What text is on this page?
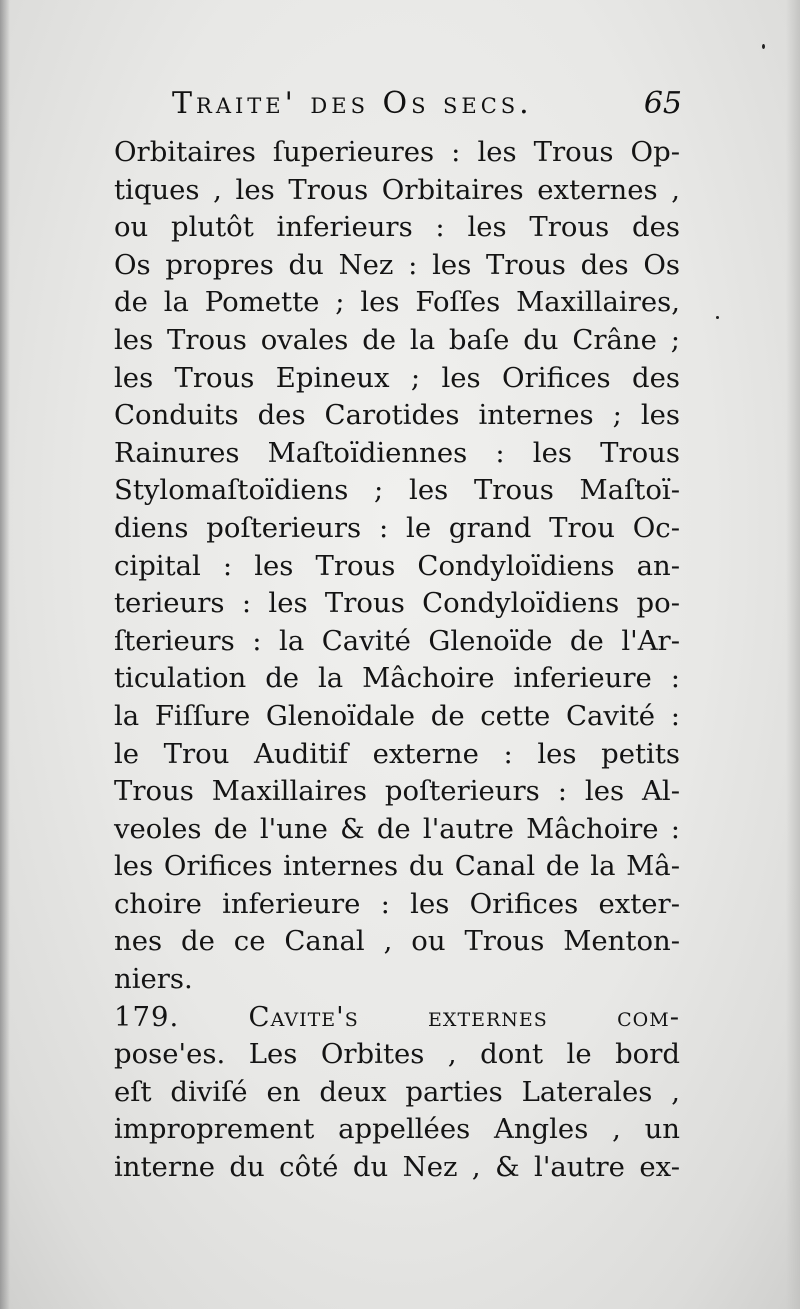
Traite' des Os secs.	65
Orbitaires ſuperieures : les Trous Op-
tiques , les Trous Orbitaires externes ,
ou plutôt inferieurs : les Trous des
Os propres du Nez : les Trous des Os
de la Pomette ; les Foſſes Maxillaires,
les Trous ovales de la baſe du Crâne ;
les Trous Epineux ; les Orifices des
Conduits des Carotides internes ; les
Rainures Maſtoïdiennes : les Trous
Stylomaſtoïdiens ; les Trous Maſtoï-
diens poſterieurs : le grand Trou Oc-
cipital : les Trous Condyloïdiens an-
terieurs : les Trous Condyloïdiens po-
ſterieurs : la Cavité Glenoïde de l'Ar-
ticulation de la Mâchoire inferieure :
la Fiſſure Glenoïdale de cette Cavité :
le Trou Auditif externe : les petits
Trous Maxillaires poſterieurs : les Al-
veoles de l'une & de l'autre Mâchoire :
les Orifices internes du Canal de la Mâ-
choire inferieure : les Orifices exter-
nes de ce Canal , ou Trous Menton-
niers.
179. Cavite's externes com-
pose'es. Les Orbites , dont le bord
eſt diviſé en deux parties Laterales ,
improprement appellées Angles , un
interne du côté du Nez , & l'autre ex-
